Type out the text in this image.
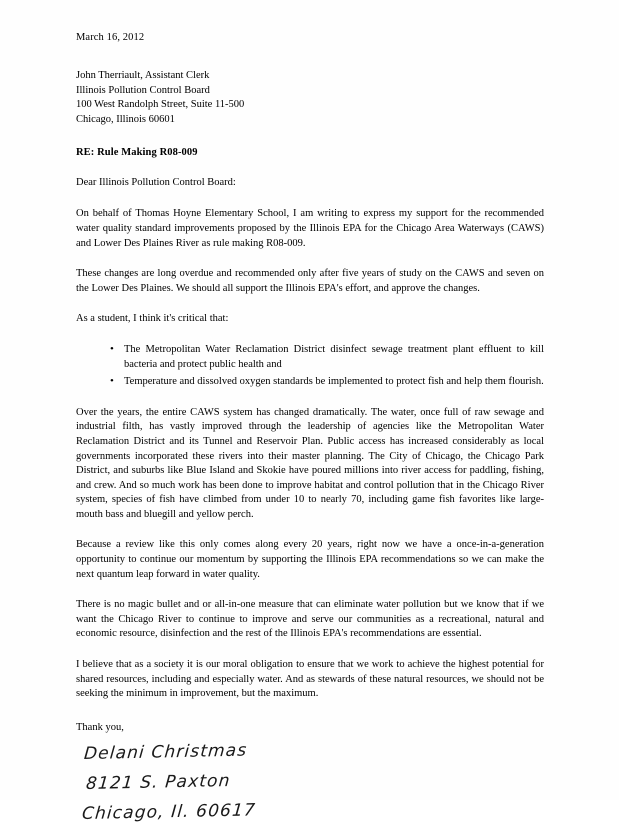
March 16, 2012
John Therriault, Assistant Clerk
Illinois Pollution Control Board
100 West Randolph Street, Suite 11-500
Chicago, Illinois 60601
RE: Rule Making R08-009
Dear Illinois Pollution Control Board:

On behalf of Thomas Hoyne Elementary School, I am writing to express my support for the recommended water quality standard improvements proposed by the Illinois EPA for the Chicago Area Waterways (CAWS) and Lower Des Plaines River as rule making R08-009.

These changes are long overdue and recommended only after five years of study on the CAWS and seven on the Lower Des Plaines. We should all support the Illinois EPA's effort, and approve the changes.

As a student, I think it's critical that:

• The Metropolitan Water Reclamation District disinfect sewage treatment plant effluent to kill bacteria and protect public health and
• Temperature and dissolved oxygen standards be implemented to protect fish and help them flourish.

Over the years, the entire CAWS system has changed dramatically. The water, once full of raw sewage and industrial filth, has vastly improved through the leadership of agencies like the Metropolitan Water Reclamation District and its Tunnel and Reservoir Plan. Public access has increased considerably as local governments incorporated these rivers into their master planning. The City of Chicago, the Chicago Park District, and suburbs like Blue Island and Skokie have poured millions into river access for paddling, fishing, and crew. And so much work has been done to improve habitat and control pollution that in the Chicago River system, species of fish have climbed from under 10 to nearly 70, including game fish favorites like large-mouth bass and bluegill and yellow perch.

Because a review like this only comes along every 20 years, right now we have a once-in-a-generation opportunity to continue our momentum by supporting the Illinois EPA recommendations so we can make the next quantum leap forward in water quality.

There is no magic bullet and or all-in-one measure that can eliminate water pollution but we know that if we want the Chicago River to continue to improve and serve our communities as a recreational, natural and economic resource, disinfection and the rest of the Illinois EPA's recommendations are essential.

I believe that as a society it is our moral obligation to ensure that we work to achieve the highest potential for shared resources, including and especially water. And as stewards of these natural resources, we should not be seeking the minimum in improvement, but the maximum.

Thank you,
Delani Christmas
8121 S. Paxton
Chicago, Il. 60617
